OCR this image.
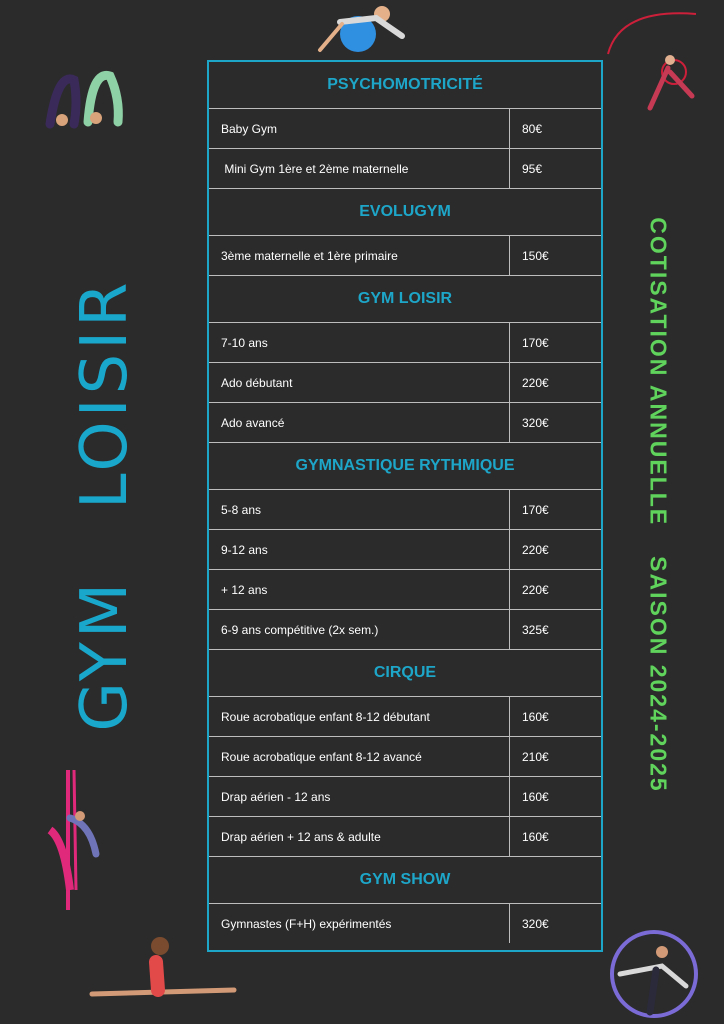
GYMLOISIR	COTISATION ANNUELLESAISON 2024-2025
PSYCHOMOTRICITÉ
Baby Gym	80€
Mini Gym 1ère et 2ème maternelle	95€
EVOLUGYM
3ème maternelle et 1ère primaire	150€
GYM LOISIR
7-10 ans	170€
Ado débutant	220€
Ado avancé	320€
GYMNASTIQUE RYTHMIQUE
5-8 ans	170€
9-12 ans	220€
+ 12 ans	220€
6-9 ans compétitive (2x sem.)	325€
CIRQUE
Roue acrobatique enfant 8-12 débutant	160€
Roue acrobatique enfant 8-12 avancé	210€
Drap aérien - 12 ans	160€
Drap aérien + 12 ans & adulte	160€
GYM SHOW
Gymnastes (F+H) expérimentés	320€
